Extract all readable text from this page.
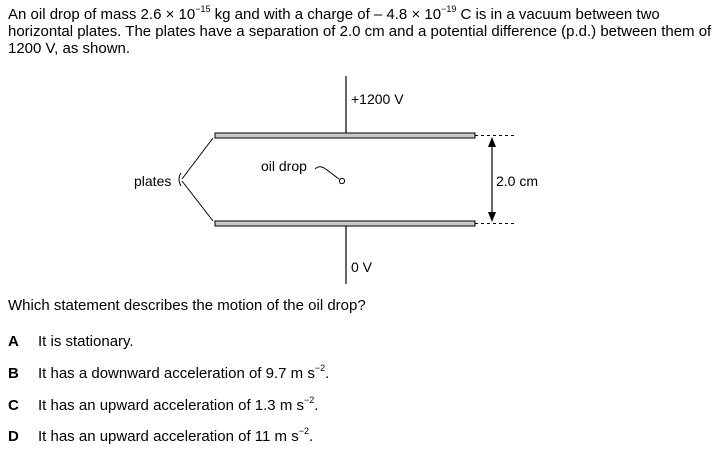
An oil drop of mass $2.6 \times 10^{-15}$ kg and with a charge of – $4.8 \times 10^{-19}$ C is in a vacuum between two horizontal plates. The plates have a separation of 2.0 cm and a potential difference (p.d.) between them of 1200 V, as shown.

+1200 V
0 V
2.0 cm
plates
oil drop

Which statement describes the motion of the oil drop?

A It is stationary.
B It has a downward acceleration of 9.7 m $s^{-2}$.
C It has an upward acceleration of 1.3 m $s^{-2}$.
D It has an upward acceleration of 11 m $s^{-2}$.
